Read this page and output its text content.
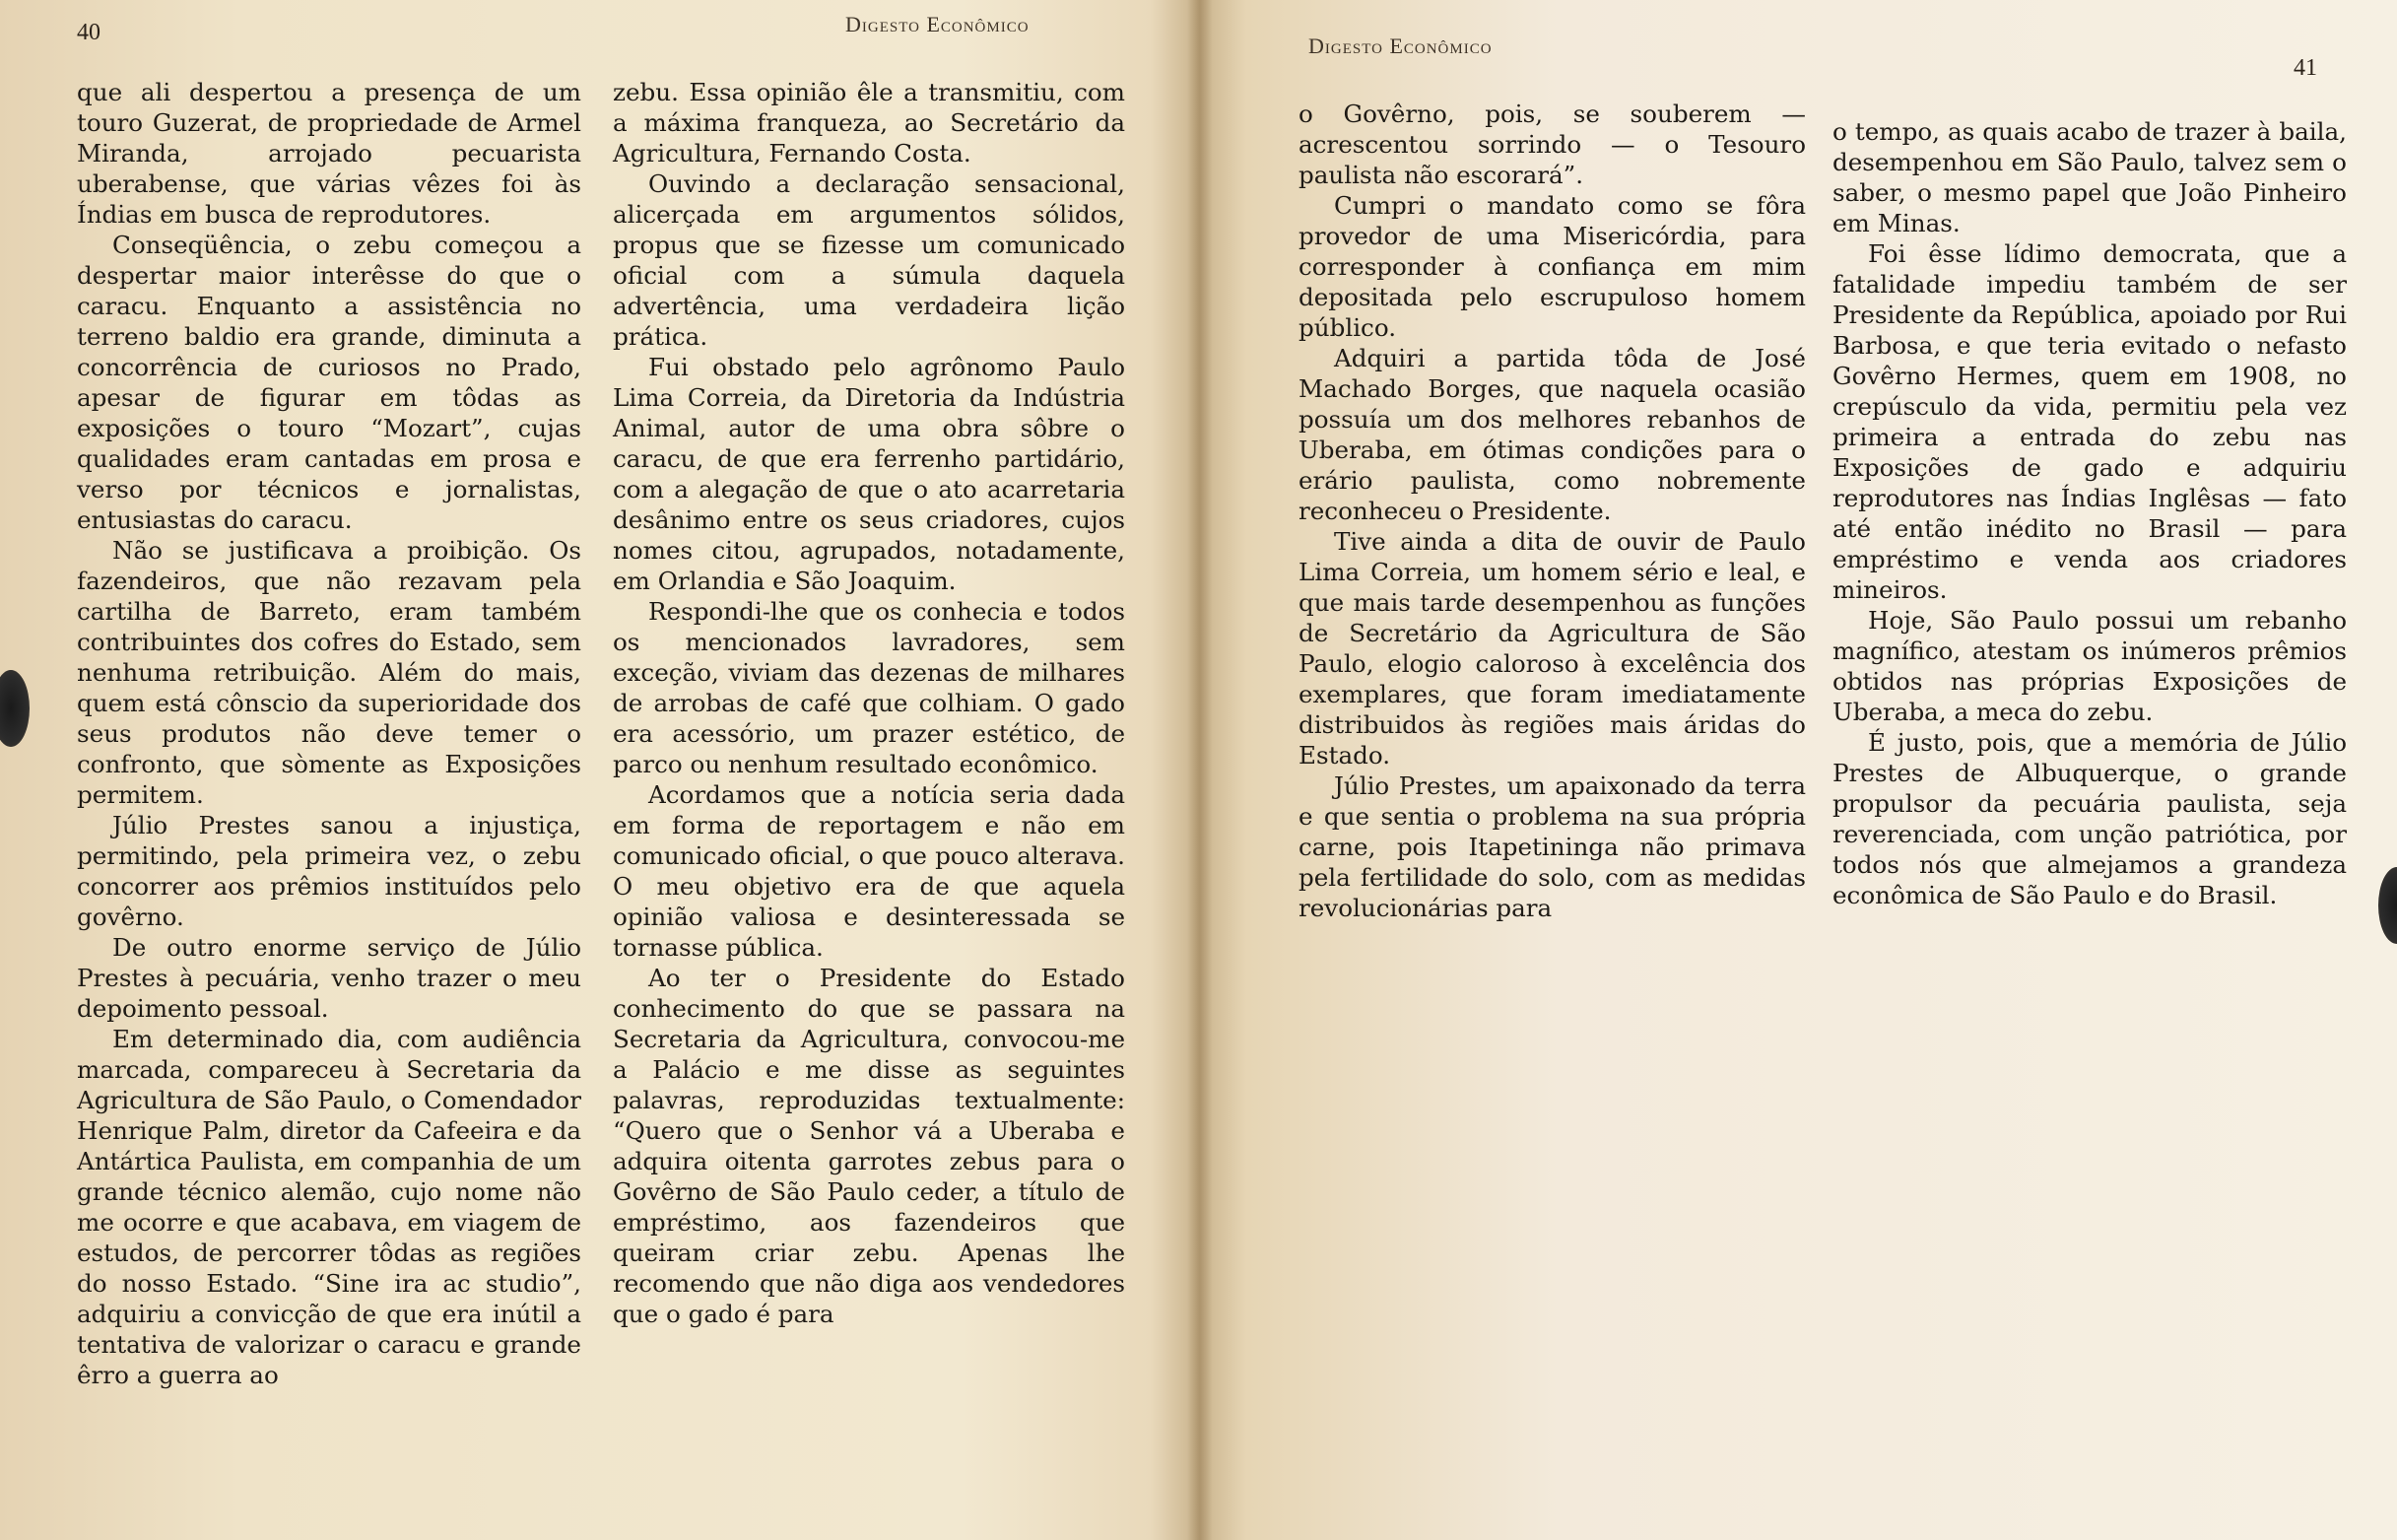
40	Digesto Econômico

que ali despertou a presença de um touro Guzerat, de propriedade de Armel Miranda, arrojado pecuarista uberabense, que várias vêzes foi às Índias em busca de reprodutores.

Conseqüência, o zebu começou a despertar maior interêsse do que o caracu. Enquanto a assistência no terreno baldio era grande, diminuta a concorrência de curiosos no Prado, apesar de figurar em tôdas as exposições o touro “Mozart”, cujas qualidades eram cantadas em prosa e verso por técnicos e jornalistas, entusiastas do caracu.

Não se justificava a proibição. Os fazendeiros, que não rezavam pela cartilha de Barreto, eram também contribuintes dos cofres do Estado, sem nenhuma retribuição. Além do mais, quem está cônscio da superioridade dos seus produtos não deve temer o confronto, que sòmente as Exposições permitem.

Júlio Prestes sanou a injustiça, permitindo, pela primeira vez, o zebu concorrer aos prêmios instituídos pelo govêrno.

De outro enorme serviço de Júlio Prestes à pecuária, venho trazer o meu depoimento pessoal.

Em determinado dia, com audiência marcada, compareceu à Secretaria da Agricultura de São Paulo, o Comendador Henrique Palm, diretor da Cafeeira e da Antártica Paulista, em companhia de um grande técnico alemão, cujo nome não me ocorre e que acabava, em viagem de estudos, de percorrer tôdas as regiões do nosso Estado. “Sine ira ac studio”, adquiriu a convicção de que era inútil a tentativa de valorizar o caracu e grande êrro a guerra ao

zebu. Essa opinião êle a transmitiu, com a máxima franqueza, ao Secretário da Agricultura, Fernando Costa.

Ouvindo a declaração sensacional, alicerçada em argumentos sólidos, propus que se fizesse um comunicado oficial com a súmula daquela advertência, uma verdadeira lição prática.

Fui obstado pelo agrônomo Paulo Lima Correia, da Diretoria da Indústria Animal, autor de uma obra sôbre o caracu, de que era ferrenho partidário, com a alegação de que o ato acarretaria desânimo entre os seus criadores, cujos nomes citou, agrupados, notadamente, em Orlandia e São Joaquim.

Respondi-lhe que os conhecia e todos os mencionados lavradores, sem exceção, viviam das dezenas de milhares de arrobas de café que colhiam. O gado era acessório, um prazer estético, de parco ou nenhum resultado econômico.

Acordamos que a notícia seria dada em forma de reportagem e não em comunicado oficial, o que pouco alterava. O meu objetivo era de que aquela opinião valiosa e desinteressada se tornasse pública.

Ao ter o Presidente do Estado conhecimento do que se passara na Secretaria da Agricultura, convocou-me a Palácio e me disse as seguintes palavras, reproduzidas textualmente: “Quero que o Senhor vá a Uberaba e adquira oitenta garrotes zebus para o Govêrno de São Paulo ceder, a título de empréstimo, aos fazendeiros que queiram criar zebu. Apenas lhe recomendo que não diga aos vendedores que o gado é para

Digesto Econômico
41

o Govêrno, pois, se souberem — acrescentou sorrindo — o Tesouro paulista não escorará”.

Cumpri o mandato como se fôra provedor de uma Misericórdia, para corresponder à confiança em mim depositada pelo escrupuloso homem público.

Adquiri a partida tôda de José Machado Borges, que naquela ocasião possuía um dos melhores rebanhos de Uberaba, em ótimas condições para o erário paulista, como nobremente reconheceu o Presidente.

Tive ainda a dita de ouvir de Paulo Lima Correia, um homem sério e leal, e que mais tarde desempenhou as funções de Secretário da Agricultura de São Paulo, elogio caloroso à excelência dos exemplares, que foram imediatamente distribuidos às regiões mais áridas do Estado.

Júlio Prestes, um apaixonado da terra e que sentia o problema na sua própria carne, pois Itapetininga não primava pela fertilidade do solo, com as medidas revolucionárias para

o tempo, as quais acabo de trazer à baila, desempenhou em São Paulo, talvez sem o saber, o mesmo papel que João Pinheiro em Minas.

Foi êsse lídimo democrata, que a fatalidade impediu também de ser Presidente da República, apoiado por Rui Barbosa, e que teria evitado o nefasto Govêrno Hermes, quem em 1908, no crepúsculo da vida, permitiu pela vez primeira a entrada do zebu nas Exposições de gado e adquiriu reprodutores nas Índias Inglêsas — fato até então inédito no Brasil — para empréstimo e venda aos criadores mineiros.

Hoje, São Paulo possui um rebanho magnífico, atestam os inúmeros prêmios obtidos nas próprias Exposições de Uberaba, a meca do zebu.

É justo, pois, que a memória de Júlio Prestes de Albuquerque, o grande propulsor da pecuária paulista, seja reverenciada, com unção patriótica, por todos nós que almejamos a grandeza econômica de São Paulo e do Brasil.
